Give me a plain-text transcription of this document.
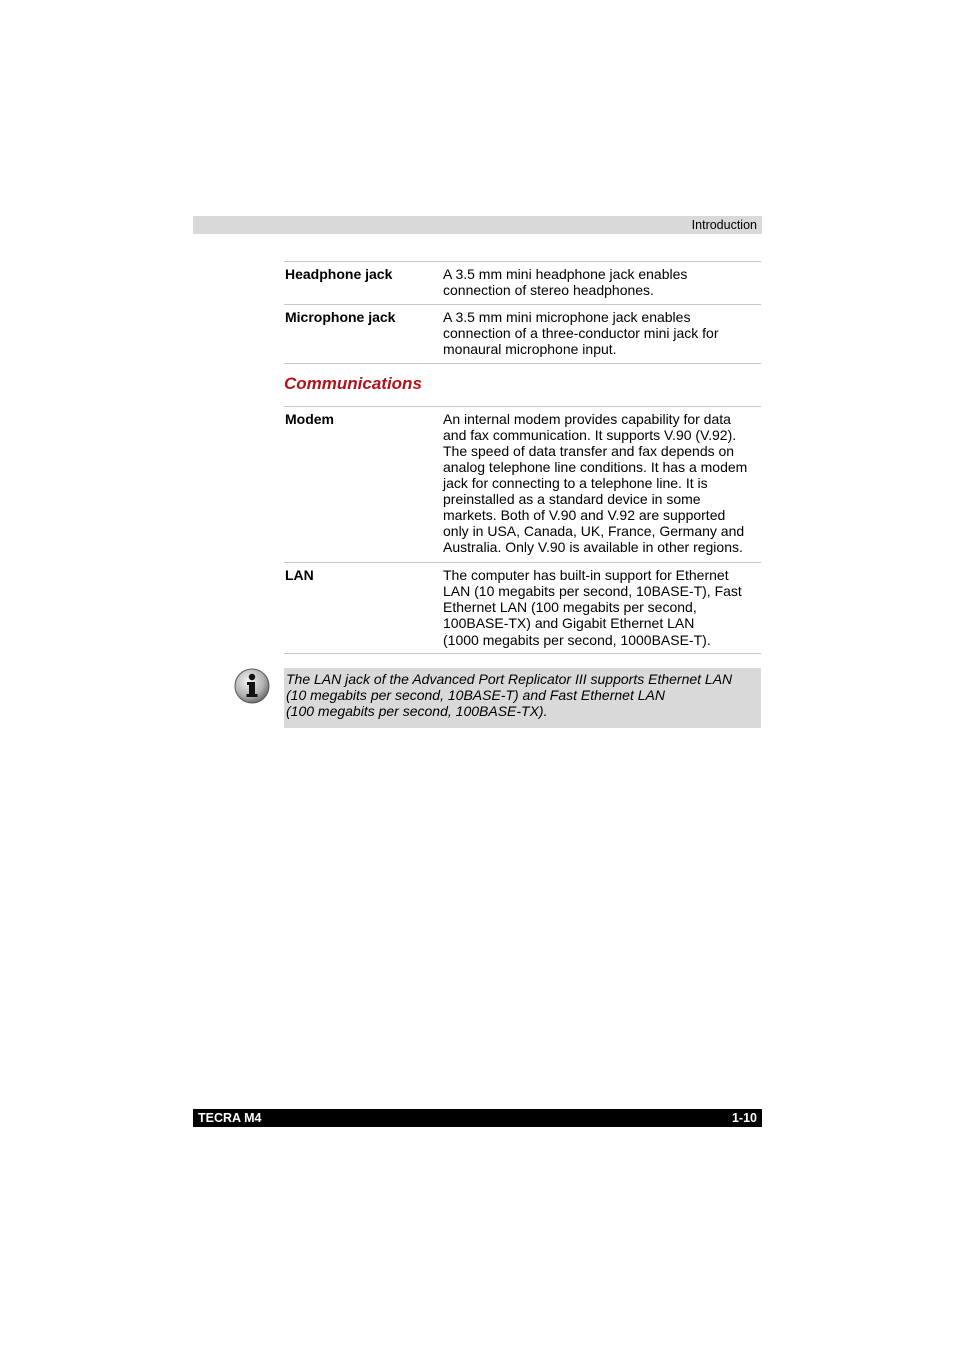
Introduction
Headphone jack	A 3.5 mm mini headphone jack enables
connection of stereo headphones.
Microphone jack	A 3.5 mm mini microphone jack enables
connection of a three-conductor mini jack for
monaural microphone input.
Communications
Modem	An internal modem provides capability for data
and fax communication. It supports V.90 (V.92).
The speed of data transfer and fax depends on
analog telephone line conditions. It has a modem
jack for connecting to a telephone line. It is
preinstalled as a standard device in some
markets. Both of V.90 and V.92 are supported
only in USA, Canada, UK, France, Germany and
Australia. Only V.90 is available in other regions.
LAN	The computer has built-in support for Ethernet
LAN (10 megabits per second, 10BASE-T), Fast
Ethernet LAN (100 megabits per second,
100BASE-TX) and Gigabit Ethernet LAN
(1000 megabits per second, 1000BASE-T).
The LAN jack of the Advanced Port Replicator III supports Ethernet LAN
(10 megabits per second, 10BASE-T) and Fast Ethernet LAN
(100 megabits per second, 100BASE-TX).
TECRA M4	1-10
